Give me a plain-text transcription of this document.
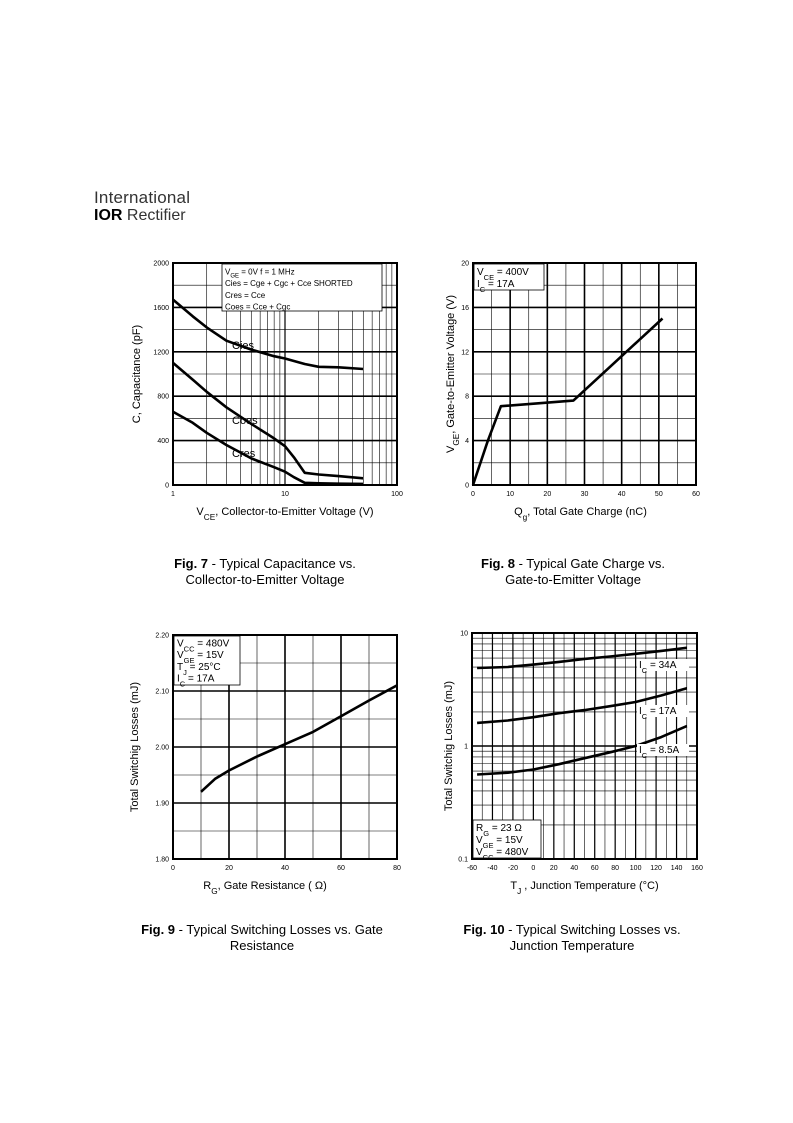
International
IOR Rectifier
1	10	100
0
400
800
1200
1600
2000
$V_{GE} = 0V$ f = 1 MHz
Cies = Cge + Cgc + Cce SHORTED
Cres = Cce
Coes = Cce + Cgc
Cies
Coes
Cres
C, Capacitance (pF)
$V_{CE}$, Collector-to-Emitter Voltage (V)
0	10	20	30	40	50	60
0
4
8
12
16
20
$V_{CE} = 400V$
$I_C = 17A$
$V_{GE}$, Gate-to-Emitter Voltage (V)
$Q_g$, Total Gate Charge (nC)
0	20	40	60	80
1.80
1.90
2.00
2.10
2.20
$V_{CC} = 480V$
$V_{GE} = 15V$
$T_J = 25^\circ C$
$I_C = 17A$
Total Switchig Losses (mJ)
$R_G$, Gate Resistance ( Ω)
-60 -40 -20 0 20 40 60 80 100 120 140 160
0.1
1
10
$R_G = 23$ Ω
$V_{GE} = 15V$
$V_{CC} = 480V$
$I_C = 34A$
$I_C = 17A$
$I_C = 8.5A$
Total Switchig Losses (mJ)
$T_J$ , Junction Temperature (°C)
Fig. 7 - Typical Capacitance vs.
Collector-to-Emitter Voltage
Fig. 8 - Typical Gate Charge vs.
Gate-to-Emitter Voltage
Fig. 9 - Typical Switching Losses vs. Gate
Resistance
Fig. 10 - Typical Switching Losses vs.
Junction Temperature
